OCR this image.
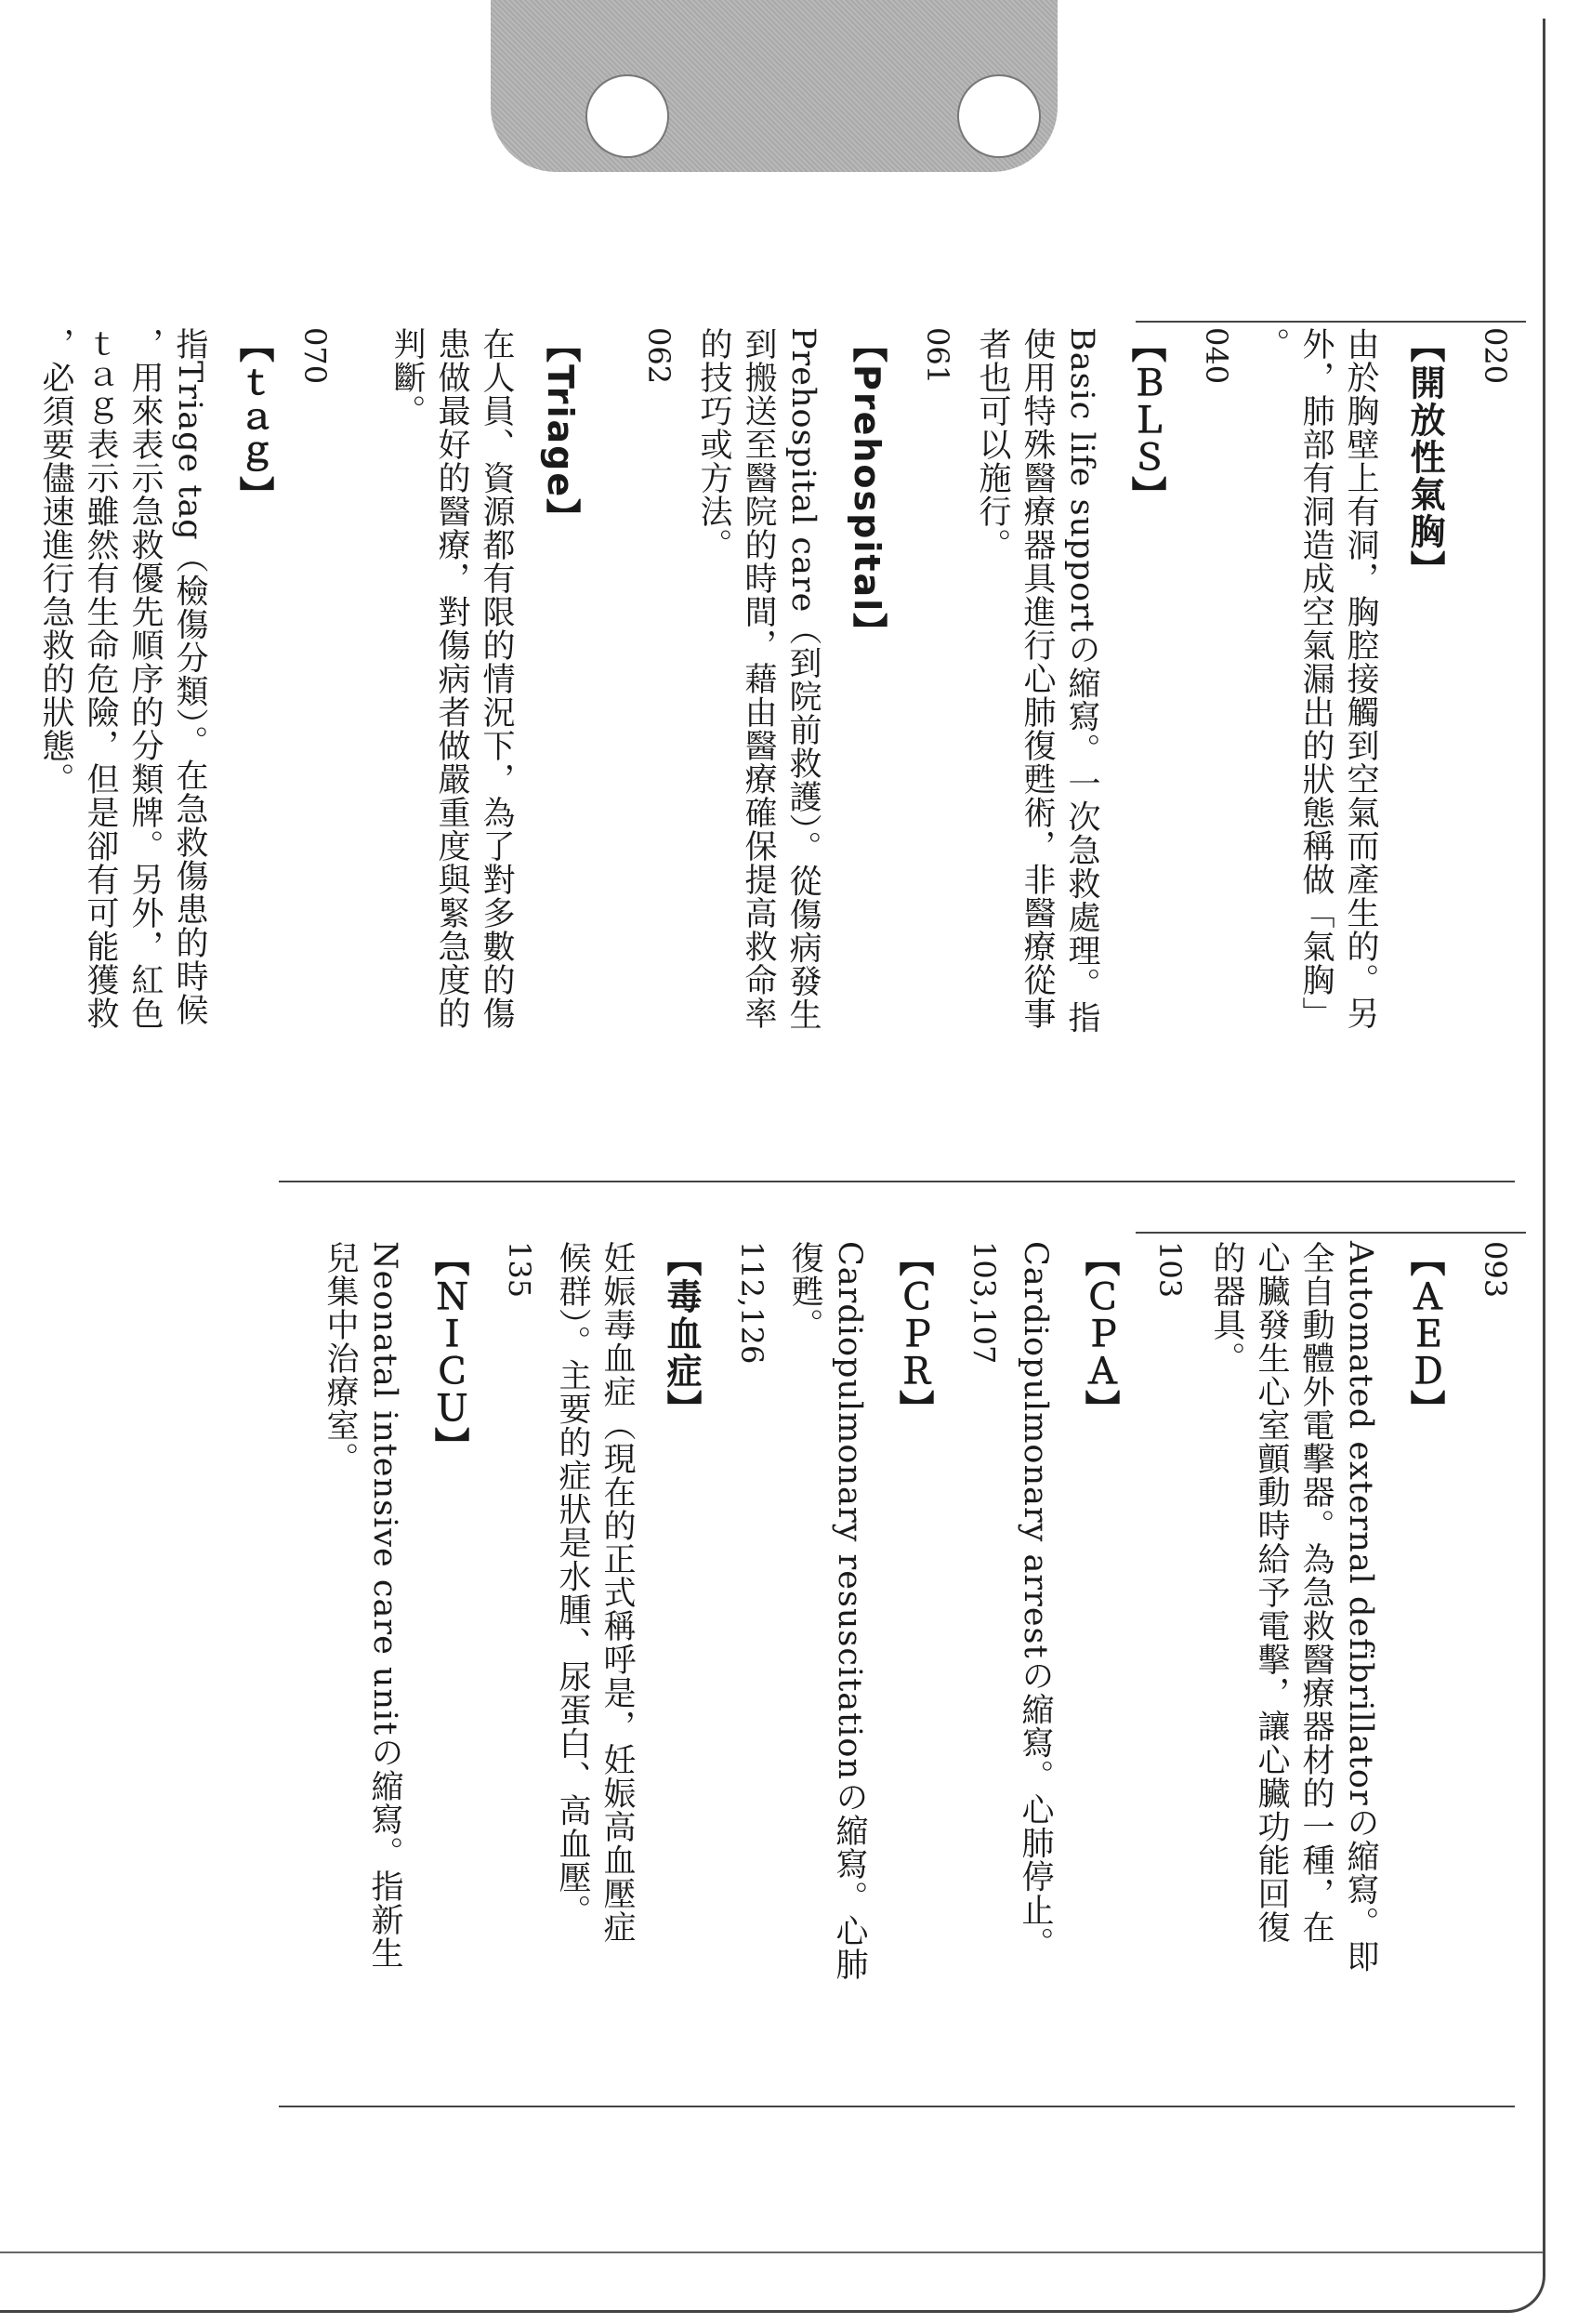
020
【開放性氣胸】
由於胸壁上有洞，胸腔接觸到空氣而產生的。另
外，肺部有洞造成空氣漏出的狀態稱做「氣胸」
。
040
【ＢＬＳ】
Basic life supportの縮寫。一次急救處理。指
使用特殊醫療器具進行心肺復甦術，非醫療從事
者也可以施行。
061
【Prehospital】
Prehospital care（到院前救護）。從傷病發生
到搬送至醫院的時間，藉由醫療確保提高救命率
的技巧或方法。
062
【Triage】
在人員、資源都有限的情況下，為了對多數的傷
患做最好的醫療，對傷病者做嚴重度與緊急度的
判斷。
070
【ｔａｇ】
指Triage tag（檢傷分類）。在急救傷患的時候
，用來表示急救優先順序的分類牌。另外，紅色
ｔａｇ表示雖然有生命危險，但是卻有可能獲救
，必須要儘速進行急救的狀態。
093
【ＡＥＤ】
Automated external defibrillatorの縮寫。即
全自動體外電擊器。為急救醫療器材的一種，在
心臟發生心室顫動時給予電擊，讓心臟功能回復
的器具。
103
【ＣＰＡ】
Cardiopulmonary arrestの縮寫。心肺停止。
103,107
【ＣＰＲ】
Cardiopulmonary resuscitationの縮寫。心肺
復甦。
112,126
【毒血症】
妊娠毒血症（現在的正式稱呼是，妊娠高血壓症
候群）。主要的症狀是水腫、尿蛋白、高血壓。
135
【ＮＩＣＵ】
Neonatal intensive care unitの縮寫。指新生
兒集中治療室。
